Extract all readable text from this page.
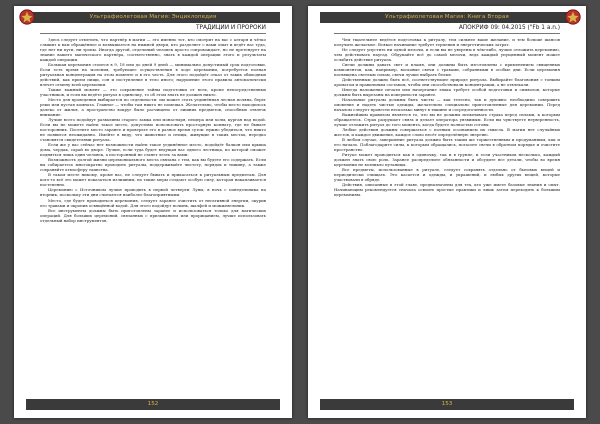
Ультрафиолетовая Магия: Энциклопедия
ТРАДИЦИИ И ПРОРОКИ

Здесь следует отметить, что партнёр в магии — это именно тот, кто смотрит на вас с алтаря и чётко слышит к вам обращённое и возвышается на нижней двери, кто разделяет с вами опыт и ведёт вас туда, где нет ни пути, ни тропы. Иногда другой, отдельный человек просто сопровождает, но не претендует на знание вашего магического партнёра, соответственно, знать в каждой операции этого и результаты каждой операции.

Большая церемония стоится в 9, 18 или до дней 9 дней — минимально допустимый срок подготовки. Если есть время на моления, требующее осуществления в ходе церемонии, потребуется полная ритуальная концентрация на этом моменте и в его честь. Для этого подойдёт отказ от таких обиходных действий, как прием пищи, сон и поступление в тело иного; нарушение этого правила автоматически влечет отмену всей церемонии.

Также важный момент — это сохранение тайны подготовки от всех, кроме непосредственных участников, и если вы ведёте ритуал в одиночку, то об этом знать не должен никто.

Место для проведения выбирается по отдельности: им может стать уединённая лесная поляна, берег реки или пустая комната. Главное — чтобы там никто не помешал. Желательно, чтобы место находилось далеко от жилья, а пространство вокруг было расчищено от лишних предметов, способных отвлечь внимание.

Лучше всего подойдут развалины старого замка или монастыря, пещера или холм, курган над водой. Если вы не можете найти такое место, допустимо использовать просторную комнату, где не бывает посторонних. Посетите место заранее и проверьте его в разное время суток: нужно убедиться, что никто не появится неожиданно. Имейте в виду, что животные и птицы, живущие в таких местах, нередко становятся свидетелями ритуала.

Если же у вас сейчас нет возможности найти такое уединённое место, подойдёт балкон или крыша дома, чердак, сарай во дворе. Лучше, если туда будет ведущая вас одного лестница, по которой сможет подняться лишь один человек, а посторонний не станет лезть за вами.

Возможность долгой жизни церемониального места связана с тем, как вы будете его содержать. Если вы собираетесь многократно проводить ритуалы, поддерживайте чистоту, порядок и тишину, а также сохраняйте атмосферу таинства.

В таком месте никому, кроме вас, не следует бывать и прикасаться к ритуальным предметам. Для кого-то всё это может показаться излишним, но такие меры создают особую силу, которая накапливается постепенно.

Церемонию с Источником лучше проводить в первой четверти Луны, в ночь с понедельника на вторник, поскольку эти дни считаются наиболее благоприятными.

Место, где будет проводиться церемония, следует заранее очистить от негативной энергии, окурив его травами и окропив освящённой водой. Для этого подойдут полынь, шалфей и можжевельник.

Все инструменты должны быть приготовлены заранее и использоваться только для магических операций. Для больших церемоний, связанных с призыванием или прорицанием, лучше использовать отдельный набор инструментов.

152
Ультрафиолетовая Магия: Книга Вторая
АПОКРИФ 09: 04.2015 ("Fb 1 a.n.)

Чем тщательнее ведётся подготовка к ритуалу, тем сильнее ваше желание, и тем больше шансов получить желаемое. Всякое начинание требует терпения и энергетических затрат.

Не следует упустить ни одной мелочи, и если вы не уверены в чём-либо, лучше отложить церемонию, чем действовать наугад. Обдумайте всё до самой мелочи, ведь каждый упущенный момент может ослабить действие ритуала.

Свечи должны давать свет и пламя, они должны быть изготовлены с применением священных компонентов, как, например, восковые свечи с травами, собранными в особые дни. Если церемония посвящена светлым силам, свечи лучше выбрать белые.

Действенным должно быть всё, соответствующее природе ритуала. Выбирайте благовония с тонким ароматом и правильным составом, чтобы они способствовали концентрации, а не отвлекали.

Иногда наложение печати или начертание знака требует особой подготовки и символов, которые должны быть вырезаны на поверхности заранее.

Начальные ритуалы должны быть чисты — как телесно, так и духовно: необходимо совершить омовение и надеть чистые одежды, желательно специально приготовленные для церемонии. Перед началом следует провести несколько минут в тишине и сосредоточенности.

Важнейшим правилом является то, что вы не должны испытывать страха перед силами, к которым обращаетесь. Страх разрушает связь и делает оператора уязвимым. Если вы чувствуете неуверенность, лучше отложить ритуал до того момента, когда будете полностью готовы.

Любые действия должны совершаться с полным осознанием их смысла. В магии нет случайных жестов, и каждое движение, каждое слово несёт определённую энергию.

В любом случае, завершение ритуала должно быть таким же торжественным и продуманным, как и его начало. Поблагодарите силы, к которым обращались, погасите свечи в обратном порядке и очистите пространство.

Ритуал может проводиться как в одиночку, так и в группе, и если участников несколько, каждый должен знать свою роль. Заранее распределите обязанности и обсудите все детали, чтобы во время церемонии не возникло путаницы.

Все предметы, использованные в ритуале, следует сохранять отдельно от бытовых вещей и периодически очищать. Это касается и одежды, и украшений, и любых других вещей, которые участвовали в обряде.

Действия, описанные в этой главе, предназначены для тех, кто уже имеет базовые знания и опыт. Начинающим рекомендуется сначала освоить простые практики и лишь затем переходить к большим церемониям.

153
